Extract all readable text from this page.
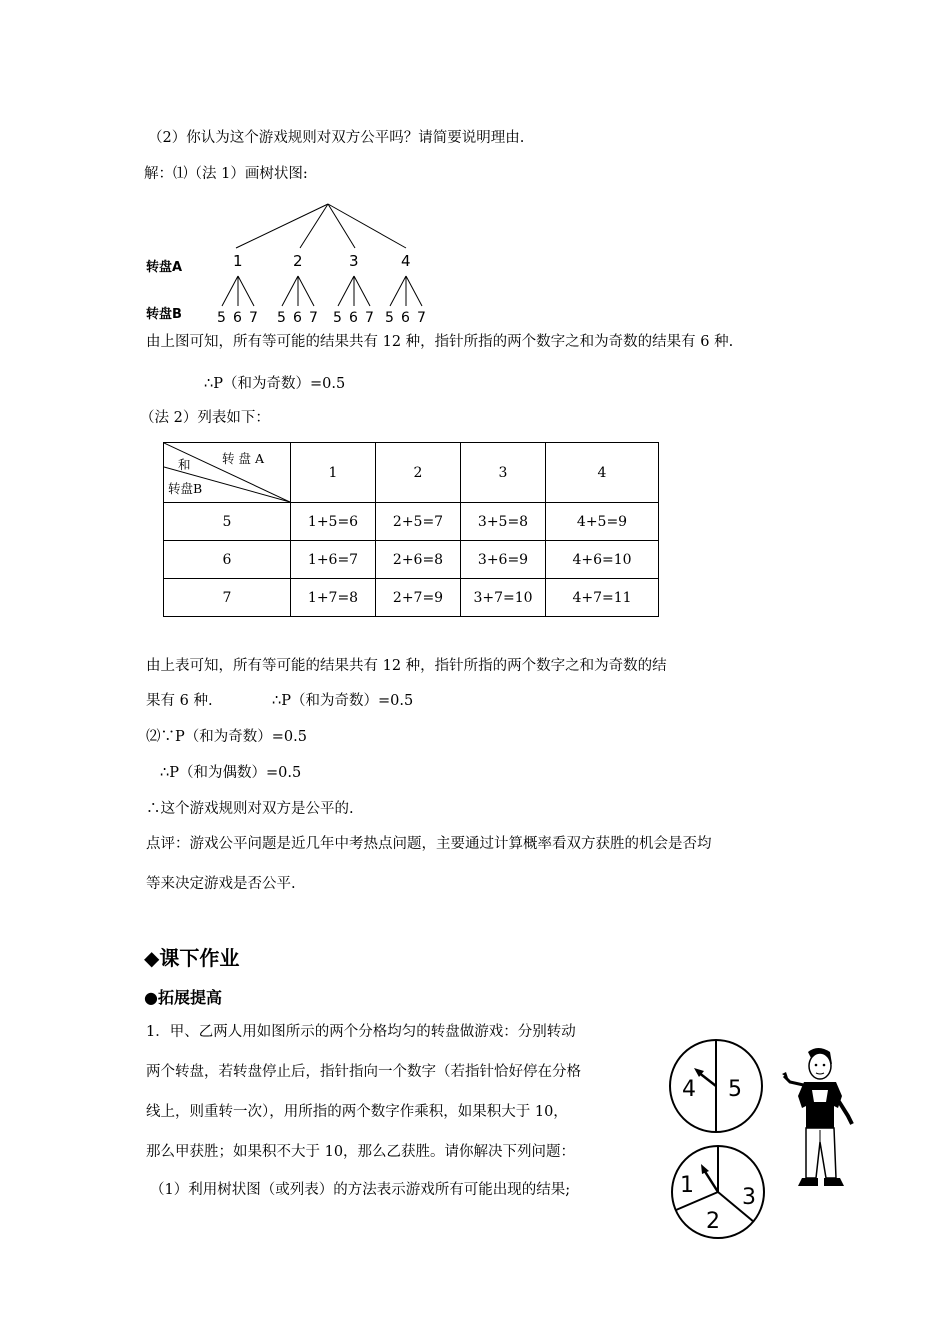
（2）你认为这个游戏规则对双方公平吗？请简要说明理由.
解：⑴（法 1）画树状图:
转盘A
转盘B
1	2	3	4
5 6 7 5 6 7 5 6 7 5 6 7
由上图可知，所有等可能的结果共有 12 种，指针所指的两个数字之和为奇数的结果有 6 种.
∴P（和为奇数）=0.5
（法 2）列表如下：
转 盘 A
和
转盘B	1	2	3	4
5	1+5=6	2+5=7	3+5=8	4+5=9
6	1+6=7	2+6=8	3+6=9	4+6=10
7	1+7=8	2+7=9	3+7=10	4+7=11
由上表可知，所有等可能的结果共有 12 种，指针所指的两个数字之和为奇数的结
果有 6 种.	∴P（和为奇数）=0.5
⑵∵P（和为奇数）=0.5
∴P（和为偶数）=0.5
∴这个游戏规则对双方是公平的.
点评：游戏公平问题是近几年中考热点问题，主要通过计算概率看双方获胜的机会是否均
等来决定游戏是否公平.
◆课下作业
●拓展提高
1．甲、乙两人用如图所示的两个分格均匀的转盘做游戏：分别转动
两个转盘，若转盘停止后，指针指向一个数字（若指针恰好停在分格
线上，则重转一次），用所指的两个数字作乘积，如果积大于 10，
那么甲获胜；如果积不大于 10，那么乙获胜。请你解决下列问题：
（1）利用树状图（或列表）的方法表示游戏所有可能出现的结果;
4 5
1
2
3
